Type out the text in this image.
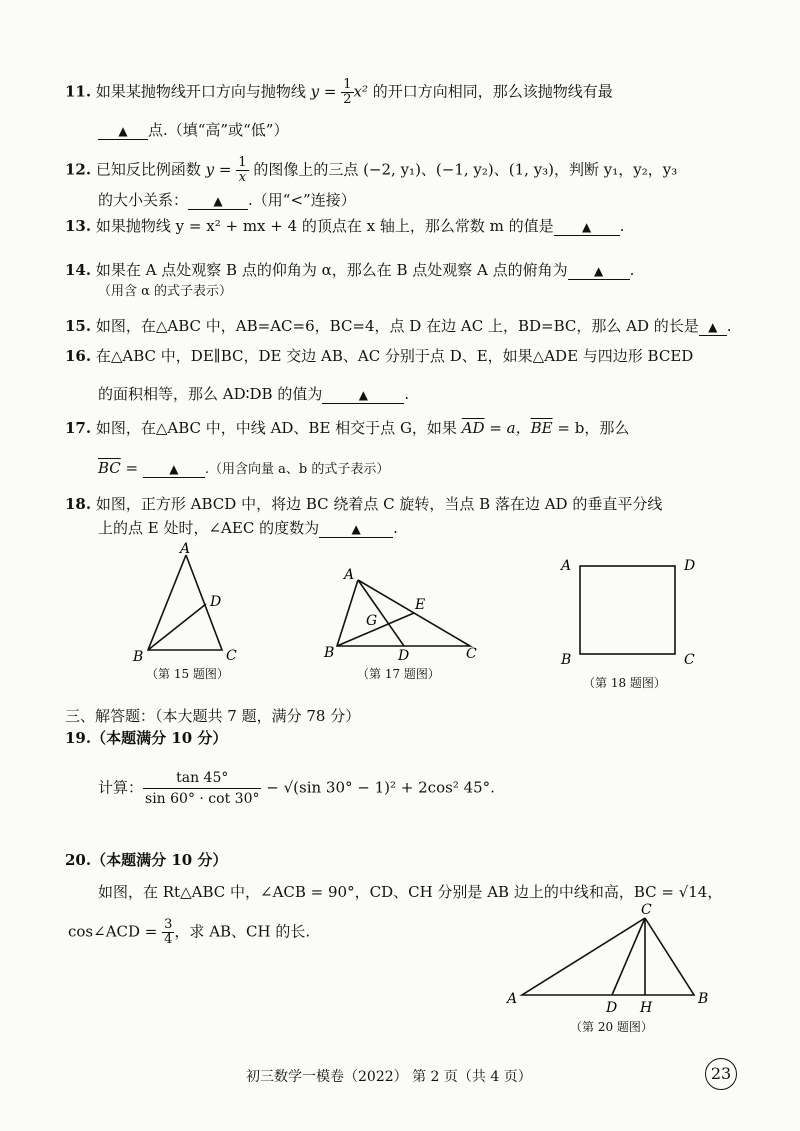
11. 如果某抛物线开口方向与抛物线 $y = \frac{1}{2} x^2$ 的开口方向相同，那么该抛物线有最
▲ 点.（填“高”或“低”）
12. 已知反比例函数 $y = \frac{1}{x}$ 的图像上的三点 (−2, y₁)、(−1, y₂)、(1, y₃)，判断 y₁，y₂，y₃
的大小关系： ▲ .（用“<”连接）
13. 如果抛物线 y = x² + mx + 4 的顶点在 x 轴上，那么常数 m 的值是 ▲ .
14. 如果在 A 点处观察 B 点的仰角为 α，那么在 B 点处观察 A 点的俯角为 ▲ .
（用含 α 的式子表示）
15. 如图，在△ABC 中，AB=AC=6，BC=4，点 D 在边 AC 上，BD=BC，那么 AD 的长是 ▲ .
16. 在△ABC 中，DE∥BC，DE 交边 AB、AC 分别于点 D、E，如果△ADE 与四边形 BCED
的面积相等，那么 AD∶DB 的值为	▲ .
17. 如图，在△ABC 中，中线 AD、BE 相交于点 G，如果 $\overline{AD} = a$，$\overline{BE} = b$，那么
$\overline{BC}$ = ▲ .（用含向量 a、b 的式子表示）
18. 如图，正方形 ABCD 中，将边 BC 绕着点 C 旋转，当点 B 落在边 AD 的垂直平分线
上的点 E 处时，∠AEC 的度数为	▲ .
A
B	C
D
（第 15 题图）
A
B	C
D
E
G
（第 17 题图）
A	D
B	C
（第 18 题图）
三、解答题：（本大题共 7 题，满分 78 分）
19.（本题满分 10 分）
计算： $\frac{\tan 45^\circ}{\sin 60^\circ \cdot \cot 30^\circ} - √(\sin$ 30° − 1)² + 2cos² 45°.
20.（本题满分 10 分）
如图，在 Rt△ABC 中，∠ACB = 90°，CD、CH 分别是 AB 边上的中线和高，BC = √14，
cos∠ACD = $\frac{3}{4}$ ，求 AB、CH 的长.
C
A	B
D H
（第 20 题图）
初三数学一模卷（2022） 第 2 页（共 4 页）	23
